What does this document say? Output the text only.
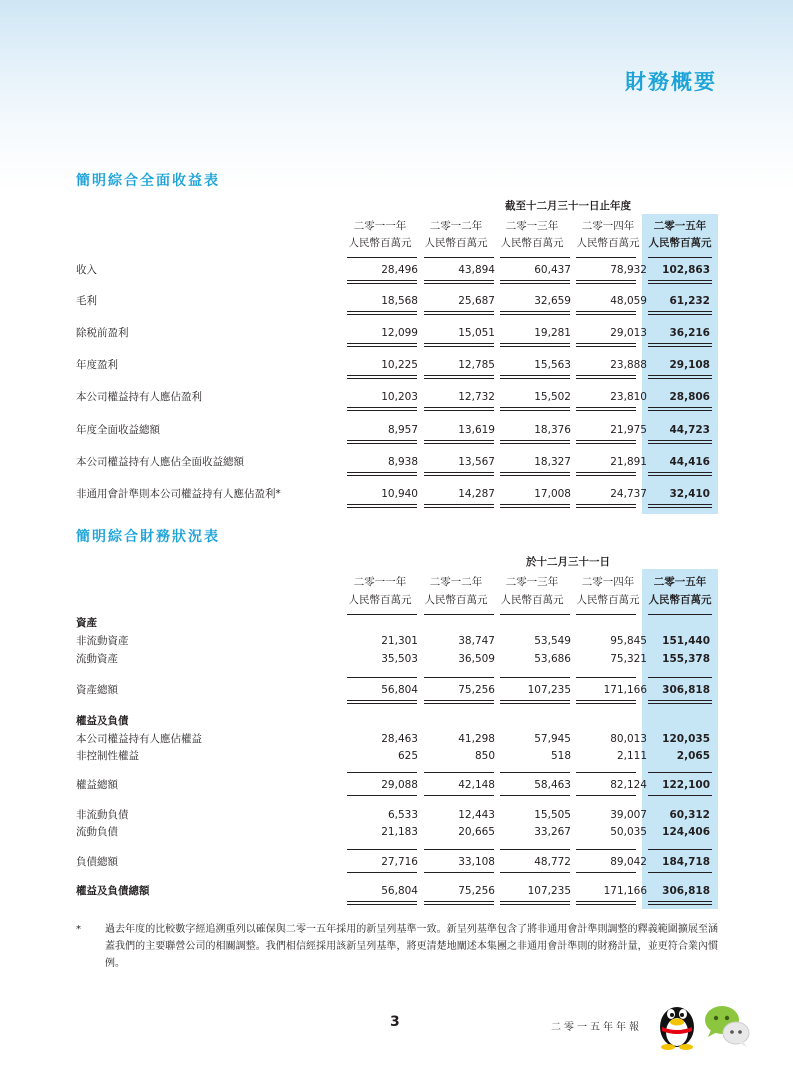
財務概要
簡明綜合全面收益表
截至十二月三十一日止年度
二零一一年	二零一二年	二零一三年	二零一四年	二零一五年
人民幣百萬元	人民幣百萬元	人民幣百萬元	人民幣百萬元 人民幣百萬元
收入	28,496	43,894	60,437	78,932	102,863
毛利	18,568	25,687	32,659	48,059	61,232
除税前盈利	12,099	15,051	19,281	29,013	36,216
年度盈利	10,225	12,785	15,563	23,888	29,108
本公司權益持有人應佔盈利	10,203	12,732	15,502	23,810	28,806
年度全面收益總額	8,957	13,619	18,376	21,975	44,723
本公司權益持有人應佔全面收益總額	8,938	13,567	18,327	21,891	44,416
非通用會計準則本公司權益持有人應佔盈利*	10,940	14,287	17,008	24,737	32,410
簡明綜合財務狀況表
於十二月三十一日
二零一一年	二零一二年	二零一三年	二零一四年	二零一五年
人民幣百萬元	人民幣百萬元	人民幣百萬元	人民幣百萬元 人民幣百萬元
資產
非流動資產	21,301	38,747	53,549	95,845	151,440
流動資產	35,503	36,509	53,686	75,321	155,378
資產總額	56,804	75,256	107,235	171,166	306,818
權益及負債
本公司權益持有人應佔權益	28,463	41,298	57,945	80,013	120,035
非控制性權益	625	850	518	2,111	2,065
權益總額	29,088	42,148	58,463	82,124	122,100
非流動負債	6,533	12,443	15,505	39,007	60,312
流動負債	21,183	20,665	33,267	50,035	124,406
負債總額	27,716	33,108	48,772	89,042	184,718
權益及負債總額	56,804	75,256	107,235	171,166	306,818
* 過去年度的比較數字經追溯重列以確保與二零一五年採用的新呈列基準一致。新呈列基準包含了將非通用會計準則調整的釋義範圍擴展至涵蓋我們的主要聯營公司的相關調整。我們相信經採用該新呈列基準，將更清楚地闡述本集團之非通用會計準則的財務計量，並更符合業內慣例。
3	二零一五年年報
